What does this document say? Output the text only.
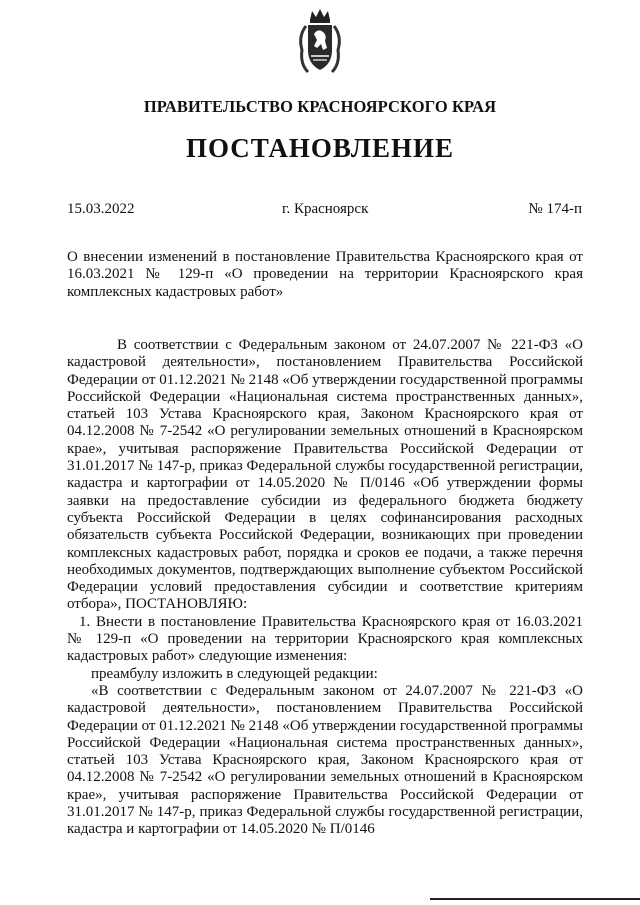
ПРАВИТЕЛЬСТВО КРАСНОЯРСКОГО КРАЯ
ПОСТАНОВЛЕНИЕ
15.03.2022	г. Красноярск	№ 174-п
О внесении изменений в постановление Правительства Красноярского края от 16.03.2021 № 129-п «О проведении на территории Красноярского края комплексных кадастровых работ»

В соответствии с Федеральным законом от 24.07.2007 № 221-ФЗ «О кадастровой деятельности», постановлением Правительства Российской Федерации от 01.12.2021 № 2148 «Об утверждении государственной программы Российской Федерации «Национальная система пространственных данных», статьей 103 Устава Красноярского края, Законом Красноярского края от 04.12.2008 № 7-2542 «О регулировании земельных отношений в Красноярском крае», учитывая распоряжение Правительства Российской Федерации от 31.01.2017 № 147-р, приказ Федеральной службы государственной регистрации, кадастра и картографии от 14.05.2020 № П/0146 «Об утверждении формы заявки на предоставление субсидии из федерального бюджета бюджету субъекта Российской Федерации в целях софинансирования расходных обязательств субъекта Российской Федерации, возникающих при проведении комплексных кадастровых работ, порядка и сроков ее подачи, а также перечня необходимых документов, подтверждающих выполнение субъектом Российской Федерации условий предоставления субсидии и соответствие критериям отбора», ПОСТАНОВЛЯЮ:

1. Внести в постановление Правительства Красноярского края от 16.03.2021 № 129-п «О проведении на территории Красноярского края комплексных кадастровых работ» следующие изменения:

преамбулу изложить в следующей редакции:

«В соответствии с Федеральным законом от 24.07.2007 № 221-ФЗ «О кадастровой деятельности», постановлением Правительства Российской Федерации от 01.12.2021 № 2148 «Об утверждении государственной программы Российской Федерации «Национальная система пространственных данных», статьей 103 Устава Красноярского края, Законом Красноярского края от 04.12.2008 № 7-2542 «О регулировании земельных отношений в Красноярском крае», учитывая распоряжение Правительства Российской Федерации от 31.01.2017 № 147-р, приказ Федеральной службы государственной регистрации, кадастра и картографии от 14.05.2020 № П/0146
